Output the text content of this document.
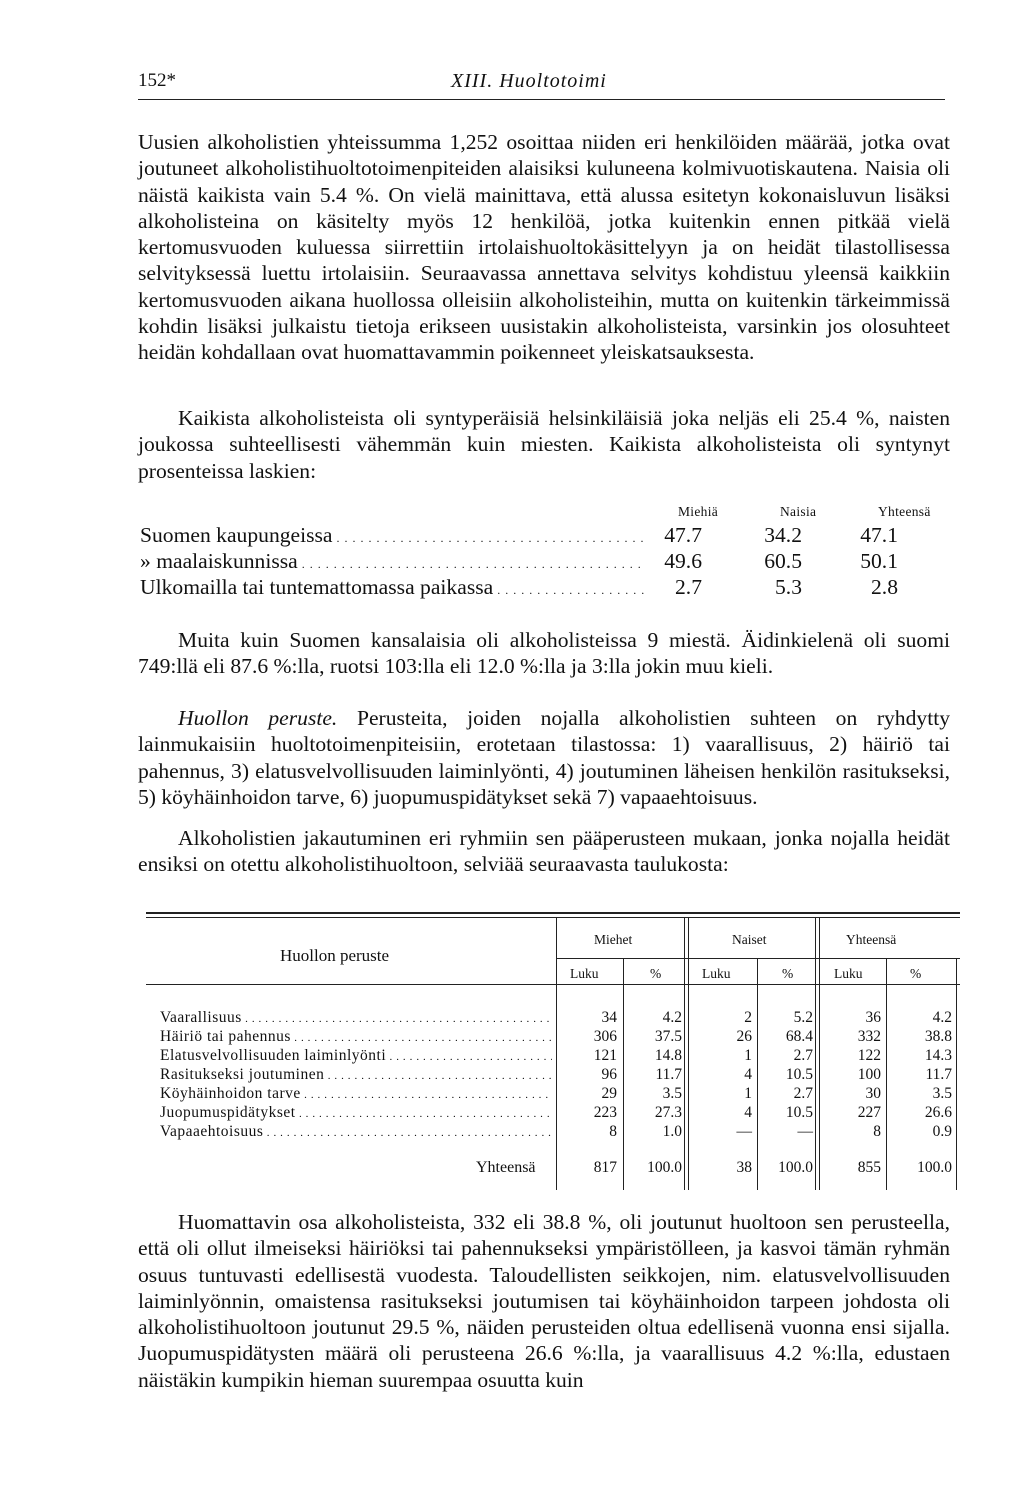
152*	XIII. Huoltotoimi

Uusien alkoholistien yhteissumma 1,252 osoittaa niiden eri henkilöiden määrää, jotka ovat joutuneet alkoholistihuoltotoimenpiteiden alaisiksi kuluneena kolmivuotiskautena. Naisia oli näistä kaikista vain 5.4 %. On vielä mainittava, että alussa esitetyn kokonaisluvun lisäksi alkoholisteina on käsitelty myös 12 henkilöä, jotka kuitenkin ennen pitkää vielä kertomusvuoden kuluessa siirrettiin irtolaishuoltokäsittelyyn ja on heidät tilastollisessa selvityksessä luettu irtolaisiin. Seuraavassa annettava selvitys kohdistuu yleensä kaikkiin kertomusvuoden aikana huollossa olleisiin alkoholisteihin, mutta on kuitenkin tärkeimmissä kohdin lisäksi julkaistu tietoja erikseen uusistakin alkoholisteista, varsinkin jos olosuhteet heidän kohdallaan ovat huomattavammin poikenneet yleiskatsauksesta.

Kaikista alkoholisteista oli syntyperäisiä helsinkiläisiä joka neljäs eli 25.4 %, naisten joukossa suhteellisesti vähemmän kuin miesten. Kaikista alkoholisteista oli syntynyt prosenteissa laskien:

Miehiä	Naisia	Yhteensä
Suomen kaupungeissa . . .	47.7	34.2	47.1
» maalaiskunnissa . . .	49.6	60.5	50.1
Ulkomailla tai tuntemattomassa paikassa . . .	2.7	5.3	2.8

Muita kuin Suomen kansalaisia oli alkoholisteissa 9 miestä. Äidinkielenä oli suomi 749:llä eli 87.6 %:lla, ruotsi 103:lla eli 12.0 %:lla ja 3:lla jokin muu kieli.

Huollon peruste. Perusteita, joiden nojalla alkoholistien suhteen on ryhdytty lainmukaisiin huoltotoimenpiteisiin, erotetaan tilastossa: 1) vaarallisuus, 2) häiriö tai pahennus, 3) elatusvelvollisuuden laiminlyönti, 4) joutuminen läheisen henkilön rasitukseksi, 5) köyhäinhoidon tarve, 6) juopumuspidätykset sekä 7) vapaaehtoisuus.

Alkoholistien jakautuminen eri ryhmiin sen pääperusteen mukaan, jonka nojalla heidät ensiksi on otettu alkoholistihuoltoon, selviää seuraavasta taulukosta:

Huollon peruste
Miehet	Naiset	Yhteensä
Luku	%	Luku	%	Luku	%
Vaarallisuus . . .	34	4.2	2	5.2	36	4.2
Häiriö tai pahennus . . .	306	37.5	26	68.4	332	38.8
Elatusvelvollisuuden laiminlyönti . . .	121	14.8	1	2.7	122	14.3
Rasitukseksi joutuminen . . .	96	11.7	4	10.5	100	11.7
Köyhäinhoidon tarve . . .	29	3.5	1	2.7	30	3.5
Juopumuspidätykset . . .	223	27.3	4	10.5	227	26.6
Vapaaehtoisuus . . .	8	1.0	—	—	8	0.9
Yhteensä	817	100.0	38	100.0	855	100.0

Huomattavin osa alkoholisteista, 332 eli 38.8 %, oli joutunut huoltoon sen perusteella, että oli ollut ilmeiseksi häiriöksi tai pahennukseksi ympäristölleen, ja kasvoi tämän ryhmän osuus tuntuvasti edellisestä vuodesta. Taloudellisten seikkojen, nim. elatusvelvollisuuden laiminlyönnin, omaistensa rasitukseksi joutumisen tai köyhäinhoidon tarpeen johdosta oli alkoholistihuoltoon joutunut 29.5 %, näiden perusteiden oltua edellisenä vuonna ensi sijalla. Juopumuspidätysten määrä oli perusteena 26.6 %:lla, ja vaarallisuus 4.2 %:lla, edustaen näistäkin kumpikin hieman suurempaa osuutta kuin
